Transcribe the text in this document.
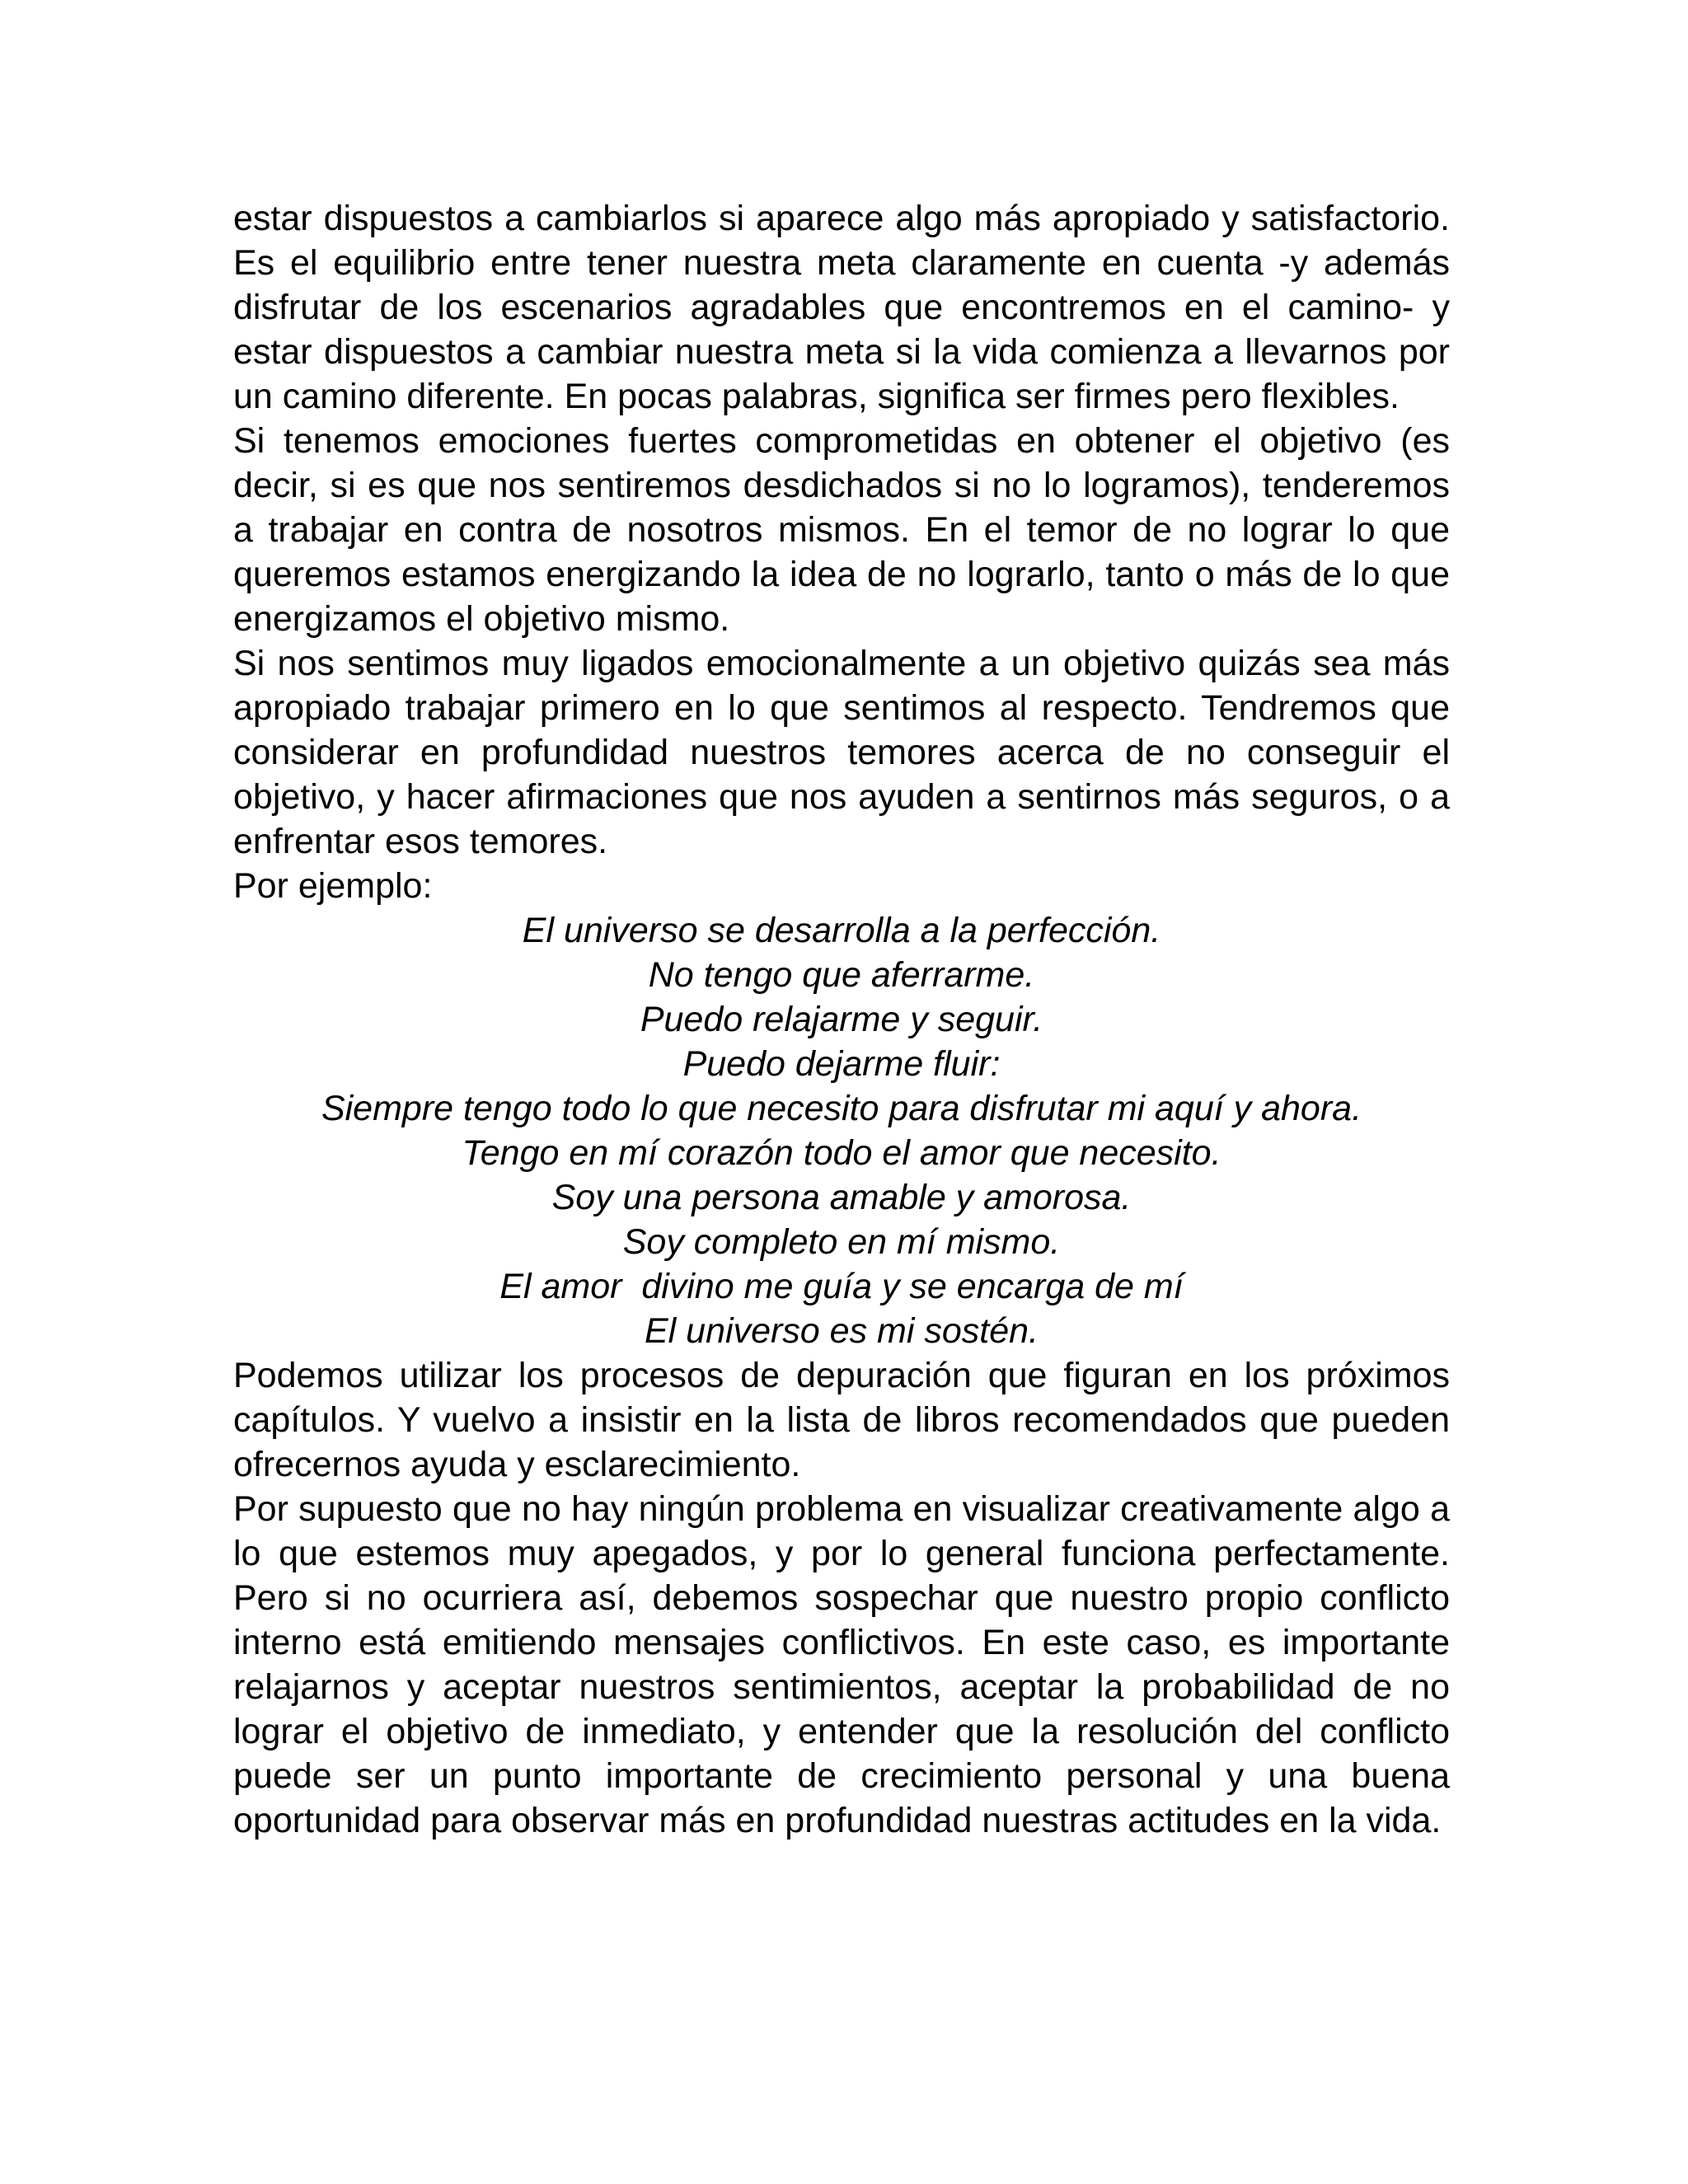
estar dispuestos a cambiarlos si aparece algo más apropiado y satisfactorio. Es el equilibrio entre tener nuestra meta claramente en cuenta -y además disfrutar de los escenarios agradables que encontremos en el camino- y estar dispuestos a cambiar nuestra meta si la vida comienza a llevarnos por un camino diferente. En pocas palabras, significa ser firmes pero flexibles.

Si tenemos emociones fuertes comprometidas en obtener el objetivo (es decir, si es que nos sentiremos desdichados si no lo logramos), tenderemos a trabajar en contra de nosotros mismos. En el temor de no lograr lo que queremos estamos energizando la idea de no lograrlo, tanto o más de lo que energizamos el objetivo mismo.

Si nos sentimos muy ligados emocionalmente a un objetivo quizás sea más apropiado trabajar primero en lo que sentimos al respecto. Tendremos que considerar en profundidad nuestros temores acerca de no conseguir el objetivo, y hacer afirmaciones que nos ayuden a sentirnos más seguros, o a enfrentar esos temores.

Por ejemplo:

El universo se desarrolla a la perfección.
No tengo que aferrarme.
Puedo relajarme y seguir.
Puedo dejarme fluir:
Siempre tengo todo lo que necesito para disfrutar mi aquí y ahora.
Tengo en mí corazón todo el amor que necesito.
Soy una persona amable y amorosa.
Soy completo en mí mismo.
El amor  divino me guía y se encarga de mí
El universo es mi sostén.

Podemos utilizar los procesos de depuración que figuran en los próximos capítulos. Y vuelvo a insistir en la lista de libros recomendados que pueden ofrecernos ayuda y esclarecimiento.

Por supuesto que no hay ningún problema en visualizar creativamente algo a lo que estemos muy apegados, y por lo general funciona perfectamente. Pero si no ocurriera así, debemos sospechar que nuestro propio conflicto interno está emitiendo mensajes conflictivos. En este caso, es importante relajarnos y aceptar nuestros sentimientos, aceptar la probabilidad de no lograr el objetivo de inmediato, y entender que la resolución del conflicto puede ser un punto importante de crecimiento personal y una buena oportunidad para observar más en profundidad nuestras actitudes en la vida.
